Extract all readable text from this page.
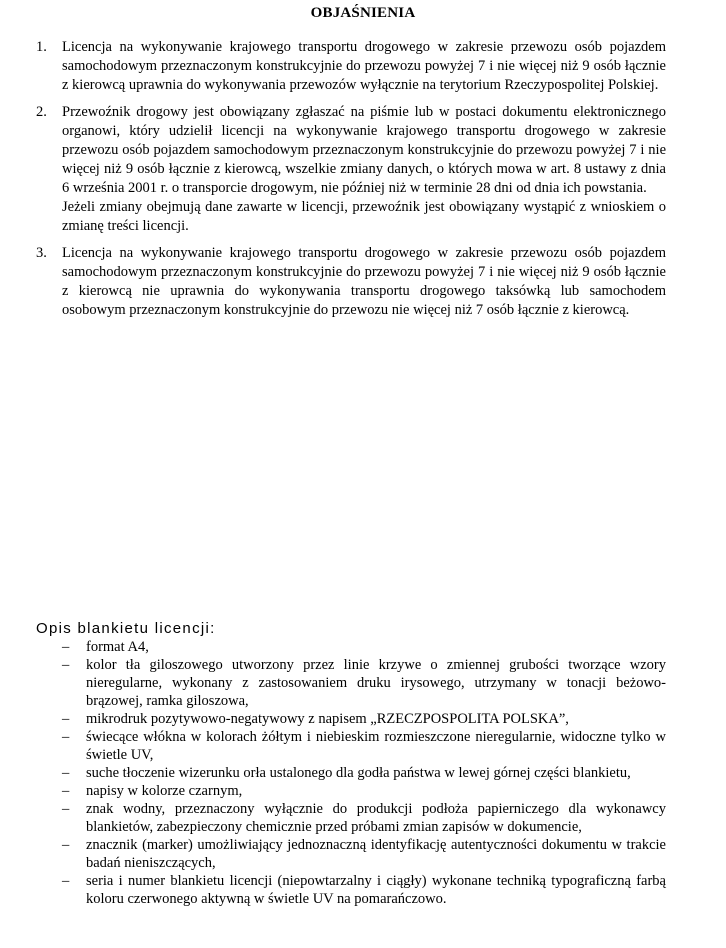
OBJAŚNIENIA
1. Licencja na wykonywanie krajowego transportu drogowego w zakresie przewozu osób pojazdem samochodowym przeznaczonym konstrukcyjnie do przewozu powyżej 7 i nie więcej niż 9 osób łącznie z kierowcą uprawnia do wykonywania przewozów wyłącznie na terytorium Rzeczypospolitej Polskiej.

2. Przewoźnik drogowy jest obowiązany zgłaszać na piśmie lub w postaci dokumentu elektronicznego organowi, który udzielił licencji na wykonywanie krajowego transportu drogowego w zakresie przewozu osób pojazdem samochodowym przeznaczonym konstrukcyjnie do przewozu powyżej 7 i nie więcej niż 9 osób łącznie z kierowcą, wszelkie zmiany danych, o których mowa w art. 8 ustawy z dnia 6 września 2001 r. o transporcie drogowym, nie później niż w terminie 28 dni od dnia ich powstania.

Jeżeli zmiany obejmują dane zawarte w licencji, przewoźnik jest obowiązany wystąpić z wnioskiem o zmianę treści licencji.

3. Licencja na wykonywanie krajowego transportu drogowego w zakresie przewozu osób pojazdem samochodowym przeznaczonym konstrukcyjnie do przewozu powyżej 7 i nie więcej niż 9 osób łącznie z kierowcą nie uprawnia do wykonywania transportu drogowego taksówką lub samochodem osobowym przeznaczonym konstrukcyjnie do przewozu nie więcej niż 7 osób łącznie z kierowcą.

Opis blankietu licencji:
– format A4,
– kolor tła giloszowego utworzony przez linie krzywe o zmiennej grubości tworzące wzory nieregularne, wykonany z zastosowaniem druku irysowego, utrzymany w tonacji beżowo-brązowej, ramka giloszowa,
– mikrodruk pozytywowo-negatywowy z napisem „RZECZPOSPOLITA POLSKA”,
– świecące włókna w kolorach żółtym i niebieskim rozmieszczone nieregularnie, widoczne tylko w świetle UV,
– suche tłoczenie wizerunku orła ustalonego dla godła państwa w lewej górnej części blankietu,
– napisy w kolorze czarnym,
– znak wodny, przeznaczony wyłącznie do produkcji podłoża papierniczego dla wykonawcy blankietów, zabezpieczony chemicznie przed próbami zmian zapisów w dokumencie,
– znacznik (marker) umożliwiający jednoznaczną identyfikację autentyczności dokumentu w trakcie badań nieniszczących,
– seria i numer blankietu licencji (niepowtarzalny i ciągły) wykonane techniką typograficzną farbą koloru czerwonego aktywną w świetle UV na pomarańczowo.
